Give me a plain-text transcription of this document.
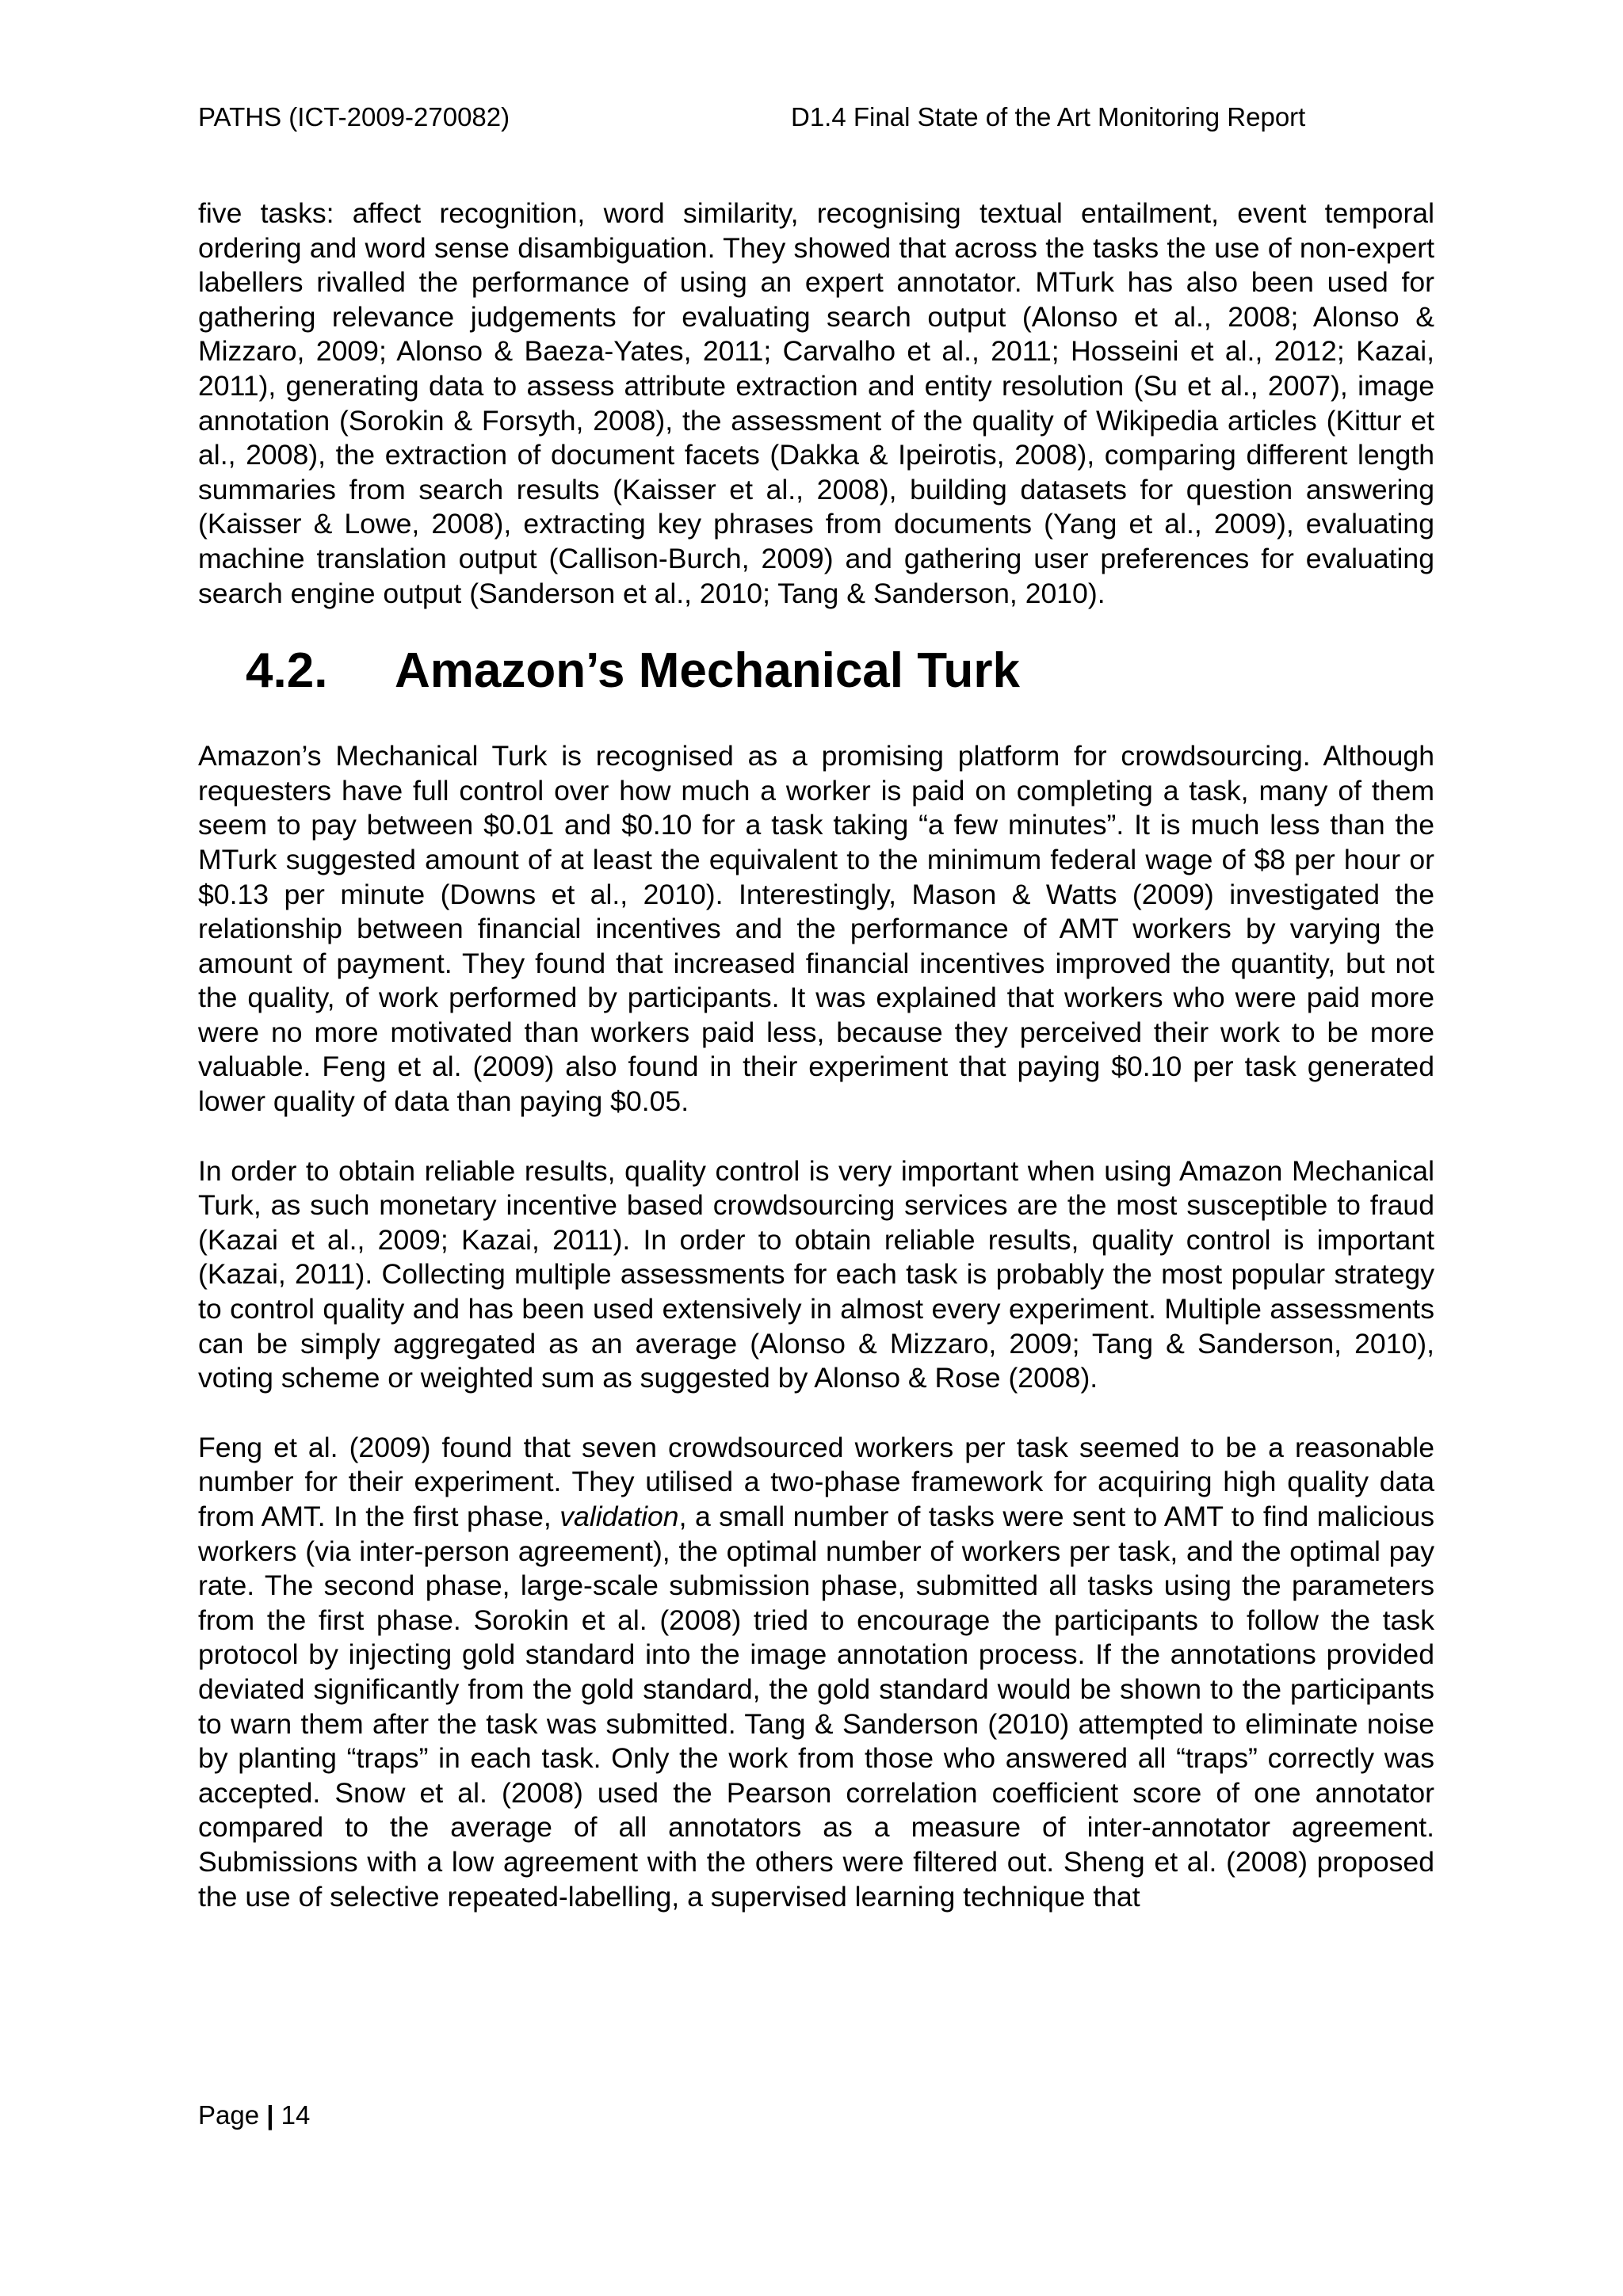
PATHS (ICT-2009-270082)	D1.4 Final State of the Art Monitoring Report

five tasks: affect recognition, word similarity, recognising textual entailment, event temporal ordering and word sense disambiguation. They showed that across the tasks the use of non-expert labellers rivalled the performance of using an expert annotator. MTurk has also been used for gathering relevance judgements for evaluating search output (Alonso et al., 2008; Alonso & Mizzaro, 2009; Alonso & Baeza-Yates, 2011; Carvalho et al., 2011; Hosseini et al., 2012; Kazai, 2011), generating data to assess attribute extraction and entity resolution (Su et al., 2007), image annotation (Sorokin & Forsyth, 2008), the assessment of the quality of Wikipedia articles (Kittur et al., 2008), the extraction of document facets (Dakka & Ipeirotis, 2008), comparing different length summaries from search results (Kaisser et al., 2008), building datasets for question answering (Kaisser & Lowe, 2008), extracting key phrases from documents (Yang et al., 2009), evaluating machine translation output (Callison-Burch, 2009) and gathering user preferences for evaluating search engine output (Sanderson et al., 2010; Tang & Sanderson, 2010).

4.2. Amazon’s Mechanical Turk

Amazon’s Mechanical Turk is recognised as a promising platform for crowdsourcing. Although requesters have full control over how much a worker is paid on completing a task, many of them seem to pay between $0.01 and $0.10 for a task taking “a few minutes”. It is much less than the MTurk suggested amount of at least the equivalent to the minimum federal wage of $8 per hour or $0.13 per minute (Downs et al., 2010). Interestingly, Mason & Watts (2009) investigated the relationship between financial incentives and the performance of AMT workers by varying the amount of payment. They found that increased financial incentives improved the quantity, but not the quality, of work performed by participants. It was explained that workers who were paid more were no more motivated than workers paid less, because they perceived their work to be more valuable. Feng et al. (2009) also found in their experiment that paying $0.10 per task generated lower quality of data than paying $0.05.

In order to obtain reliable results, quality control is very important when using Amazon Mechanical Turk, as such monetary incentive based crowdsourcing services are the most susceptible to fraud (Kazai et al., 2009; Kazai, 2011). In order to obtain reliable results, quality control is important (Kazai, 2011). Collecting multiple assessments for each task is probably the most popular strategy to control quality and has been used extensively in almost every experiment. Multiple assessments can be simply aggregated as an average (Alonso & Mizzaro, 2009; Tang & Sanderson, 2010), voting scheme or weighted sum as suggested by Alonso & Rose (2008).

Feng et al. (2009) found that seven crowdsourced workers per task seemed to be a reasonable number for their experiment. They utilised a two-phase framework for acquiring high quality data from AMT. In the first phase, validation, a small number of tasks were sent to AMT to find malicious workers (via inter-person agreement), the optimal number of workers per task, and the optimal pay rate. The second phase, large-scale submission phase, submitted all tasks using the parameters from the first phase. Sorokin et al. (2008) tried to encourage the participants to follow the task protocol by injecting gold standard into the image annotation process. If the annotations provided deviated significantly from the gold standard, the gold standard would be shown to the participants to warn them after the task was submitted. Tang & Sanderson (2010) attempted to eliminate noise by planting “traps” in each task. Only the work from those who answered all “traps” correctly was accepted. Snow et al. (2008) used the Pearson correlation coefficient score of one annotator compared to the average of all annotators as a measure of inter-annotator agreement. Submissions with a low agreement with the others were filtered out. Sheng et al. (2008) proposed the use of selective repeated-labelling, a supervised learning technique that

Page | 14
